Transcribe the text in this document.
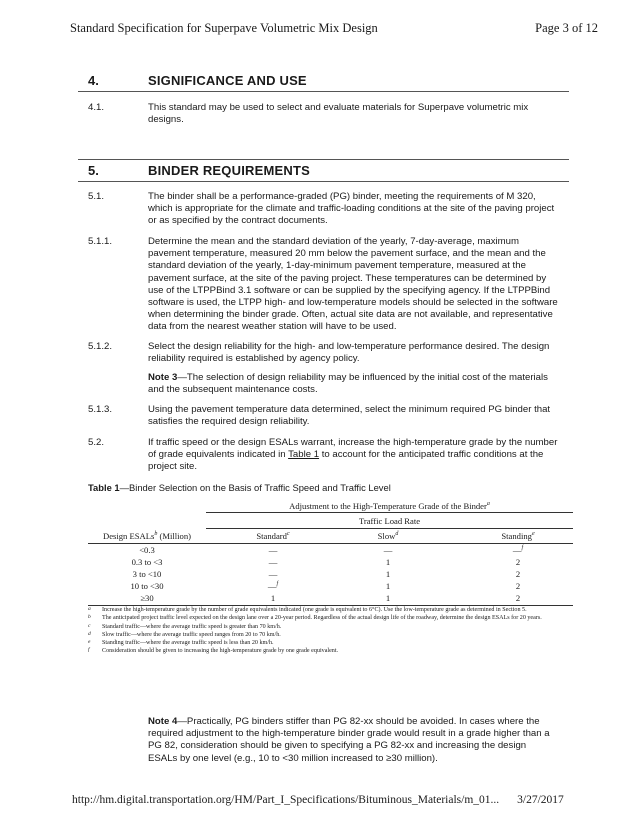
Standard Specification for Superpave Volumetric Mix Design	Page 3 of 12
4.	SIGNIFICANCE AND USE
4.1.	This standard may be used to select and evaluate materials for Superpave volumetric mix designs.
5.	BINDER REQUIREMENTS
5.1.	The binder shall be a performance-graded (PG) binder, meeting the requirements of M 320, which is appropriate for the climate and traffic-loading conditions at the site of the paving project or as specified by the contract documents.
5.1.1.	Determine the mean and the standard deviation of the yearly, 7-day-average, maximum pavement temperature, measured 20 mm below the pavement surface, and the mean and the standard deviation of the yearly, 1-day-minimum pavement temperature, measured at the pavement surface, at the site of the paving project. These temperatures can be determined by use of the LTPPBind 3.1 software or can be supplied by the specifying agency. If the LTPPBind software is used, the LTPP high- and low-temperature models should be selected in the software when determining the binder grade. Often, actual site data are not available, and representative data from the nearest weather station will have to be used.
5.1.2.	Select the design reliability for the high- and low-temperature performance desired. The design reliability required is established by agency policy.
Note 3—The selection of design reliability may be influenced by the initial cost of the materials and the subsequent maintenance costs.
5.1.3.	Using the pavement temperature data determined, select the minimum required PG binder that satisfies the required design reliability.
5.2.	If traffic speed or the design ESALs warrant, increase the high-temperature grade by the number of grade equivalents indicated in Table 1 to account for the anticipated traffic conditions at the project site.
Table 1—Binder Selection on the Basis of Traffic Speed and Traffic Level
Adjustment to the High-Temperature Grade of the Binder$^a$
Traffic Load Rate
Design ESALs$^b$ (Million)	Standard$^c$	Slow$^d$	Standing$^e$
<0.3	—	—	—$^f$
0.3 to <3	—	1	2
3 to <10	—	1	2
10 to <30	—$^f$	1	2
≥30	1	1	2
a Increase the high-temperature grade by the number of grade equivalents indicated (one grade is equivalent to 6°C). Use the low-temperature grade as determined in Section 5.
b The anticipated project traffic level expected on the design lane over a 20-year period. Regardless of the actual design life of the roadway, determine the design ESALs for 20 years.
c Standard traffic—where the average traffic speed is greater than 70 km/h.
d Slow traffic—where the average traffic speed ranges from 20 to 70 km/h.
e Standing traffic—where the average traffic speed is less than 20 km/h.
f Consideration should be given to increasing the high-temperature grade by one grade equivalent.
Note 4—Practically, PG binders stiffer than PG 82-xx should be avoided. In cases where the required adjustment to the high-temperature binder grade would result in a grade higher than a PG 82, consideration should be given to specifying a PG 82-xx and increasing the design ESALs by one level (e.g., 10 to <30 million increased to ≥30 million).
http://hm.digital.transportation.org/HM/Part_I_Specifications/Bituminous_Materials/m_01... 3/27/2017
